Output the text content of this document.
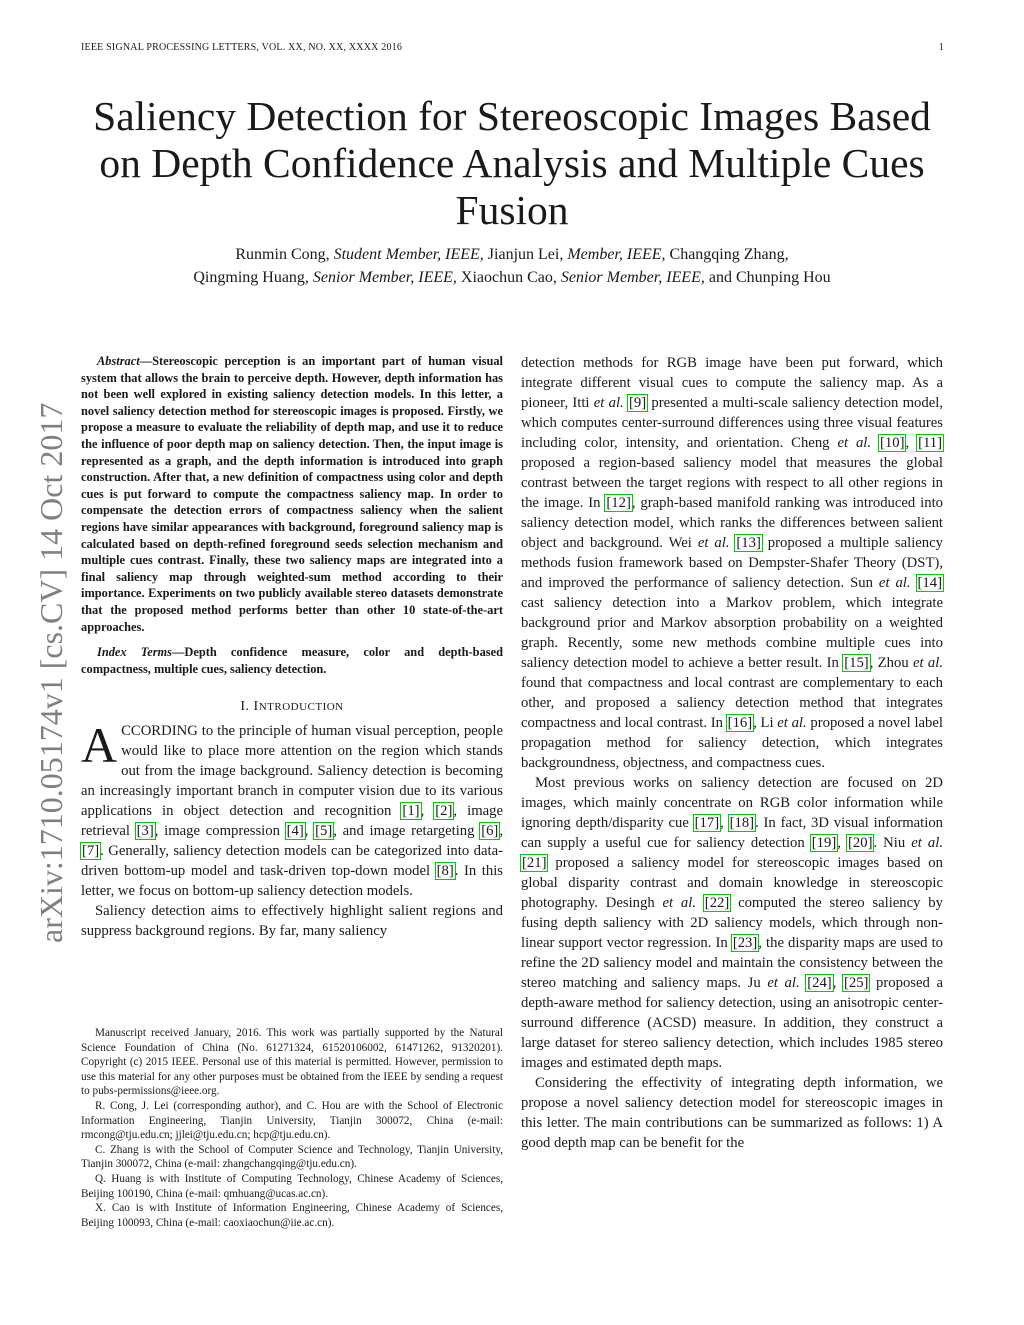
IEEE SIGNAL PROCESSING LETTERS, VOL. XX, NO. XX, XXXX 2016	1
Saliency Detection for Stereoscopic Images Based
on Depth Confidence Analysis and Multiple Cues
Fusion
Runmin Cong, Student Member, IEEE, Jianjun Lei, Member, IEEE, Changqing Zhang,
Qingming Huang, Senior Member, IEEE, Xiaochun Cao, Senior Member, IEEE, and Chunping Hou
arXiv:1710.05174v1 [cs.CV] 14 Oct 2017

Abstract—Stereoscopic perception is an important part of human visual system that allows the brain to perceive depth. However, depth information has not been well explored in existing saliency detection models. In this letter, a novel saliency detection method for stereoscopic images is proposed. Firstly, we propose a measure to evaluate the reliability of depth map, and use it to reduce the influence of poor depth map on saliency detection. Then, the input image is represented as a graph, and the depth information is introduced into graph construction. After that, a new definition of compactness using color and depth cues is put forward to compute the compactness saliency map. In order to compensate the detection errors of compactness saliency when the salient regions have similar appearances with background, foreground saliency map is calculated based on depth-refined foreground seeds selection mechanism and multiple cues contrast. Finally, these two saliency maps are integrated into a final saliency map through weighted-sum method according to their importance. Experiments on two publicly available stereo datasets demonstrate that the proposed method performs better than other 10 state-of-the-art approaches.

Index Terms—Depth confidence measure, color and depth-based compactness, multiple cues, saliency detection.

I. INTRODUCTION

ACCORDING to the principle of human visual perception, people would like to place more attention on the region which stands out from the image background. Saliency detection is becoming an increasingly important branch in computer vision due to its various applications in object detection and recognition [1], [2], image retrieval [3], image compression [4], [5], and image retargeting [6], [7]. Generally, saliency detection models can be categorized into data-driven bottom-up model and task-driven top-down model [8]. In this letter, we focus on bottom-up saliency detection models.

Saliency detection aims to effectively highlight salient regions and suppress background regions. By far, many saliency

Manuscript received January, 2016. This work was partially supported by the Natural Science Foundation of China (No. 61271324, 61520106002, 61471262, 91320201). Copyright (c) 2015 IEEE. Personal use of this material is permitted. However, permission to use this material for any other purposes must be obtained from the IEEE by sending a request to pubs-permissions@ieee.org.

R. Cong, J. Lei (corresponding author), and C. Hou are with the School of Electronic Information Engineering, Tianjin University, Tianjin 300072, China (e-mail: rmcong@tju.edu.cn; jjlei@tju.edu.cn; hcp@tju.edu.cn).

C. Zhang is with the School of Computer Science and Technology, Tianjin University, Tianjin 300072, China (e-mail: zhangchangqing@tju.edu.cn).

Q. Huang is with Institute of Computing Technology, Chinese Academy of Sciences, Beijing 100190, China (e-mail: qmhuang@ucas.ac.cn).

X. Cao is with Institute of Information Engineering, Chinese Academy of Sciences, Beijing 100093, China (e-mail: caoxiaochun@iie.ac.cn).

detection methods for RGB image have been put forward, which integrate different visual cues to compute the saliency map. As a pioneer, Itti et al. [9] presented a multi-scale saliency detection model, which computes center-surround differences using three visual features including color, intensity, and orientation. Cheng et al. [10], [11] proposed a region-based saliency model that measures the global contrast between the target regions with respect to all other regions in the image. In [12], graph-based manifold ranking was introduced into saliency detection model, which ranks the differences between salient object and background. Wei et al. [13] proposed a multiple saliency methods fusion framework based on Dempster-Shafer Theory (DST), and improved the performance of saliency detection. Sun et al. [14] cast saliency detection into a Markov problem, which integrate background prior and Markov absorption probability on a weighted graph. Recently, some new methods combine multiple cues into saliency detection model to achieve a better result. In [15], Zhou et al. found that compactness and local contrast are complementary to each other, and proposed a saliency detection method that integrates compactness and local contrast. In [16], Li et al. proposed a novel label propagation method for saliency detection, which integrates backgroundness, objectness, and compactness cues.

Most previous works on saliency detection are focused on 2D images, which mainly concentrate on RGB color information while ignoring depth/disparity cue [17], [18]. In fact, 3D visual information can supply a useful cue for saliency detection [19], [20]. Niu et al. [21] proposed a saliency model for stereoscopic images based on global disparity contrast and domain knowledge in stereoscopic photography. Desingh et al. [22] computed the stereo saliency by fusing depth saliency with 2D saliency models, which through non-linear support vector regression. In [23], the disparity maps are used to refine the 2D saliency model and maintain the consistency between the stereo matching and saliency maps. Ju et al. [24], [25] proposed a depth-aware method for saliency detection, using an anisotropic center-surround difference (ACSD) measure. In addition, they construct a large dataset for stereo saliency detection, which includes 1985 stereo images and estimated depth maps.

Considering the effectivity of integrating depth information, we propose a novel saliency detection model for stereoscopic images in this letter. The main contributions can be summarized as follows: 1) A good depth map can be benefit for the
